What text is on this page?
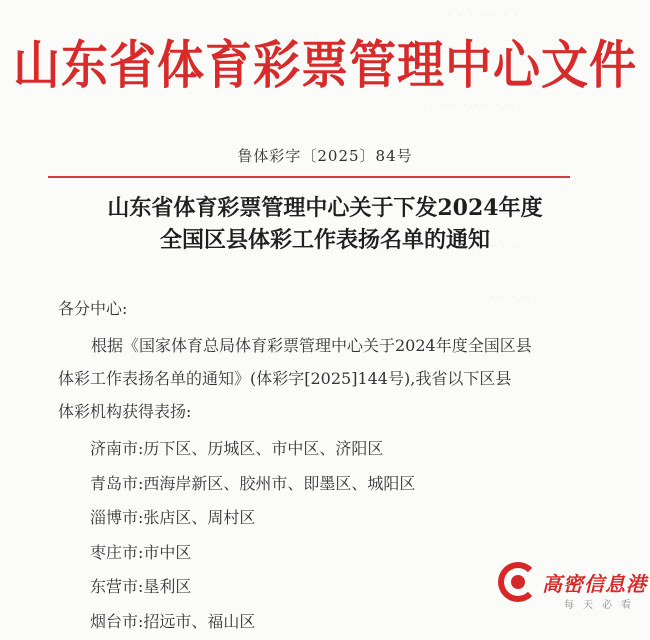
· · · · · · ·
· · · · · · · · ·
· · · ·
· · · · ·
山东省体育彩票管理中心文件
鲁体彩字〔2025〕84号
山东省体育彩票管理中心关于下发2024年度
全国区县体彩工作表扬名单的通知
各分中心:
根据《国家体育总局体育彩票管理中心关于2024年度全国区县
体彩工作表扬名单的通知》(体彩字[2025]144号),我省以下区县
体彩机构获得表扬:
济南市:历下区、历城区、市中区、济阳区
青岛市:西海岸新区、胶州市、即墨区、城阳区
淄博市:张店区、周村区
枣庄市:市中区
东营市:垦利区
烟台市:招远市、福山区
高密信息港
每天必看
